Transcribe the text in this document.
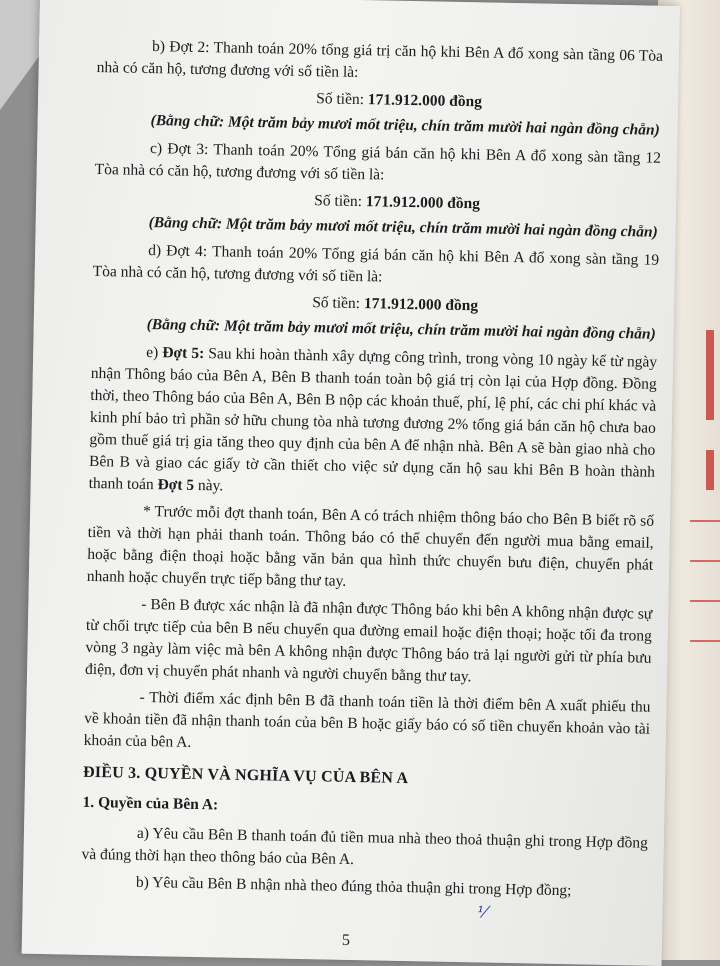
b) Đợt 2: Thanh toán 20% tổng giá trị căn hộ khi Bên A đổ xong sàn tầng 06 Tòa nhà có căn hộ, tương đương với số tiền là:
Số tiền: 171.912.000 đồng
(Bằng chữ: Một trăm bảy mươi mốt triệu, chín trăm mười hai ngàn đồng chẵn)
c) Đợt 3: Thanh toán 20% Tổng giá bán căn hộ khi Bên A đổ xong sàn tầng 12 Tòa nhà có căn hộ, tương đương với số tiền là:
Số tiền: 171.912.000 đồng
(Bằng chữ: Một trăm bảy mươi mốt triệu, chín trăm mười hai ngàn đồng chẵn)
d) Đợt 4: Thanh toán 20% Tổng giá bán căn hộ khi Bên A đổ xong sàn tầng 19 Tòa nhà có căn hộ, tương đương với số tiền là:
Số tiền: 171.912.000 đồng
(Bằng chữ: Một trăm bảy mươi mốt triệu, chín trăm mười hai ngàn đồng chẵn)
e) Đợt 5: Sau khi hoàn thành xây dựng công trình, trong vòng 10 ngày kể từ ngày nhận Thông báo của Bên A, Bên B thanh toán toàn bộ giá trị còn lại của Hợp đồng. Đồng thời, theo Thông báo của Bên A, Bên B nộp các khoản thuế, phí, lệ phí, các chi phí khác và kinh phí bảo trì phần sở hữu chung tòa nhà tương đương 2% tổng giá bán căn hộ chưa bao gồm thuế giá trị gia tăng theo quy định của bên A để nhận nhà. Bên A sẽ bàn giao nhà cho Bên B và giao các giấy tờ cần thiết cho việc sử dụng căn hộ sau khi Bên B hoàn thành thanh toán Đợt 5 này.
* Trước mỗi đợt thanh toán, Bên A có trách nhiệm thông báo cho Bên B biết rõ số tiền và thời hạn phải thanh toán. Thông báo có thể chuyển đến người mua bằng email, hoặc bằng điện thoại hoặc bằng văn bản qua hình thức chuyển bưu điện, chuyển phát nhanh hoặc chuyển trực tiếp bằng thư tay.
- Bên B được xác nhận là đã nhận được Thông báo khi bên A không nhận được sự từ chối trực tiếp của bên B nếu chuyển qua đường email hoặc điện thoại; hoặc tối đa trong vòng 3 ngày làm việc mà bên A không nhận được Thông báo trả lại người gửi từ phía bưu điện, đơn vị chuyển phát nhanh và người chuyển bằng thư tay.
- Thời điểm xác định bên B đã thanh toán tiền là thời điểm bên A xuất phiếu thu về khoản tiền đã nhận thanh toán của bên B hoặc giấy báo có số tiền chuyển khoản vào tài khoản của bên A.
ĐIỀU 3. QUYỀN VÀ NGHĨA VỤ CỦA BÊN A
1. Quyền của Bên A:
a) Yêu cầu Bên B thanh toán đủ tiền mua nhà theo thoả thuận ghi trong Hợp đồng và đúng thời hạn theo thông báo của Bên A.
b) Yêu cầu Bên B nhận nhà theo đúng thỏa thuận ghi trong Hợp đồng;
5
⅟
